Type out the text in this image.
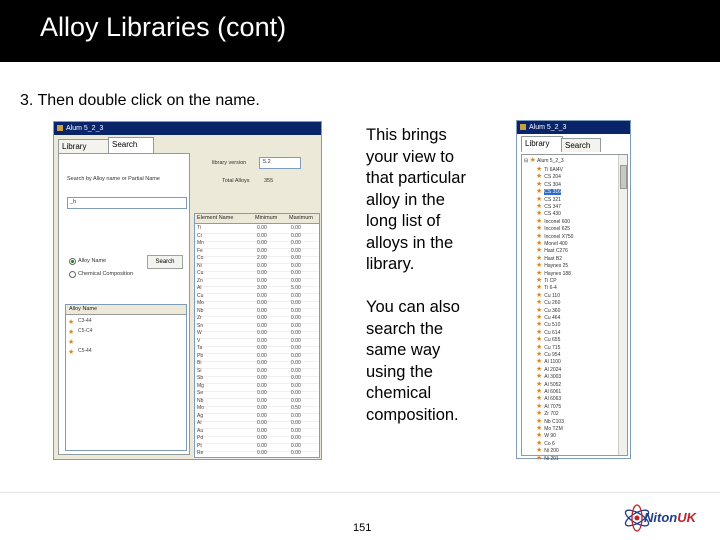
Alloy Libraries (cont)
3. Then double click on the name.
Alum 5_2_3
Library	Search
Search by Alloy name or Partial Name
_h
Alloy Name
Chemical Composition
Search
Alloy Name
★ C3-44
★ C5-C4
★ C5-C4
★ C5-44
library version	5.2
Total Alloys	355
Element Name	Minimum Maximum
Ti	0.00	0.00
Cr	0.00	0.00
Mn	0.00	0.00
Fe	0.00	0.00
Co	2.00	0.00
Ni	0.00	0.00
Cu	0.00	0.00
Zn	0.00	0.00
Al	3.00	5.00
Cu	0.00	0.00
Mo	0.00	0.00
Nb	0.00	0.00
Zr	0.00	0.00
Sn	0.00	0.00
W	0.00	0.00
V	0.00	0.00
Ta	0.00	0.00
Pb	0.00	0.00
Bi	0.00	0.00
Si	0.00	0.00
Sb	0.00	0.00
Mg	0.00	0.00
Se	0.00	0.00
Nb	0.00	0.00
Mo	0.00	0.50
Ag	0.00	0.00
Al	0.00	0.00
Au	0.00	0.00
Pd	0.00	0.00
Pt	0.00	0.00
Re	0.00	0.00
This brings
your view to
that particular
alloy in the
long list of
alloys in the
library.
You can also
search the
same way
using the
chemical
composition.
Alum 5_2_3
Library	Search
⊟ ★ Alum 5_2_3
★ Ti 6Al4V
★ CS 204
★ CS 304
★ CS 316
★ CS 321
★ CS 347
★ CS 430
★ Inconel 600
★ Inconel 625
★ Inconel X750
★ Monel 400
★ Hast C276
★ Hast B2
★ Haynes 25
★ Haynes 188
★ Ti CP
★ Ti 6-4
★ Cu 110
★ Cu 260
★ Cu 360
★ Cu 464
★ Cu 510
★ Cu 614
★ Cu 655
★ Cu 715
★ Cu 954
★ Al 1100
★ Al 2024
★ Al 3003
★ Al 5052
★ Al 6061
★ Al 6063
★ Al 7075
★ Zr 702
★ Nb C103
★ Mo TZM
★ W 90
★ Co 6
★ Ni 200
★ Ni 201
151
NitonUK
